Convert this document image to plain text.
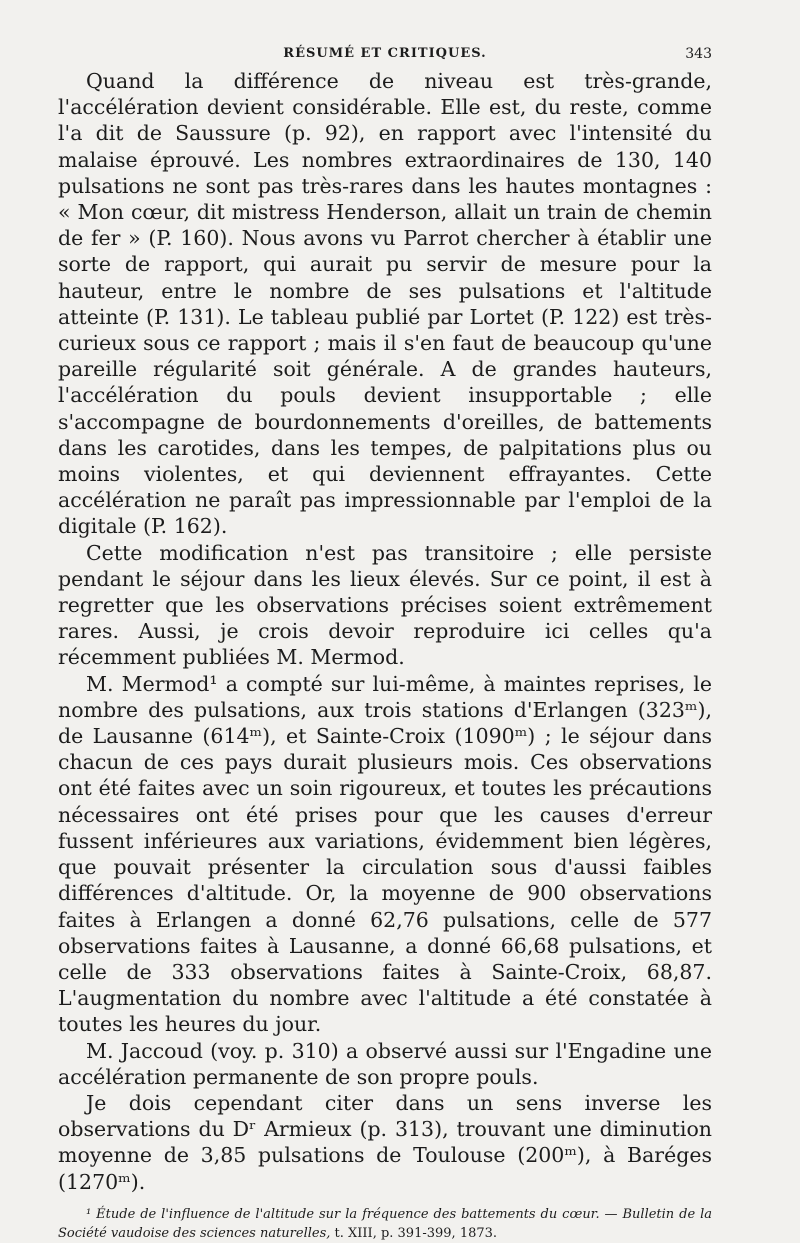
RÉSUMÉ ET CRITIQUES.	343

Quand la différence de niveau est très-grande, l'accélération devient considérable. Elle est, du reste, comme l'a dit de Saussure (p. 92), en rapport avec l'intensité du malaise éprouvé. Les nombres extraordinaires de 130, 140 pulsations ne sont pas très-rares dans les hautes montagnes : « Mon cœur, dit mistress Henderson, allait un train de chemin de fer » (P. 160). Nous avons vu Parrot chercher à établir une sorte de rapport, qui aurait pu servir de mesure pour la hauteur, entre le nombre de ses pulsations et l'altitude atteinte (P. 131). Le tableau publié par Lortet (P. 122) est très-curieux sous ce rapport ; mais il s'en faut de beaucoup qu'une pareille régularité soit générale. A de grandes hauteurs, l'accélération du pouls devient insupportable ; elle s'accompagne de bourdonnements d'oreilles, de battements dans les carotides, dans les tempes, de palpitations plus ou moins violentes, et qui deviennent effrayantes. Cette accélération ne paraît pas impressionnable par l'emploi de la digitale (P. 162).

Cette modification n'est pas transitoire ; elle persiste pendant le séjour dans les lieux élevés. Sur ce point, il est à regretter que les observations précises soient extrêmement rares. Aussi, je crois devoir reproduire ici celles qu'a récemment publiées M. Mermod.

M. Mermod¹ a compté sur lui-même, à maintes reprises, le nombre des pulsations, aux trois stations d'Erlangen (323ᵐ), de Lausanne (614ᵐ), et Sainte-Croix (1090ᵐ) ; le séjour dans chacun de ces pays durait plusieurs mois. Ces observations ont été faites avec un soin rigoureux, et toutes les précautions nécessaires ont été prises pour que les causes d'erreur fussent inférieures aux variations, évidemment bien légères, que pouvait présenter la circulation sous d'aussi faibles différences d'altitude. Or, la moyenne de 900 observations faites à Erlangen a donné 62,76 pulsations, celle de 577 observations faites à Lausanne, a donné 66,68 pulsations, et celle de 333 observations faites à Sainte-Croix, 68,87. L'augmentation du nombre avec l'altitude a été constatée à toutes les heures du jour.

M. Jaccoud (voy. p. 310) a observé aussi sur l'Engadine une accélération permanente de son propre pouls.

Je dois cependant citer dans un sens inverse les observations du Dʳ Armieux (p. 313), trouvant une diminution moyenne de 3,85 pulsations de Toulouse (200ᵐ), à Baréges (1270ᵐ).

¹ Étude de l'influence de l'altitude sur la fréquence des battements du cœur. — Bulletin de la Société vaudoise des sciences naturelles, t. XIII, p. 391-399, 1873.
